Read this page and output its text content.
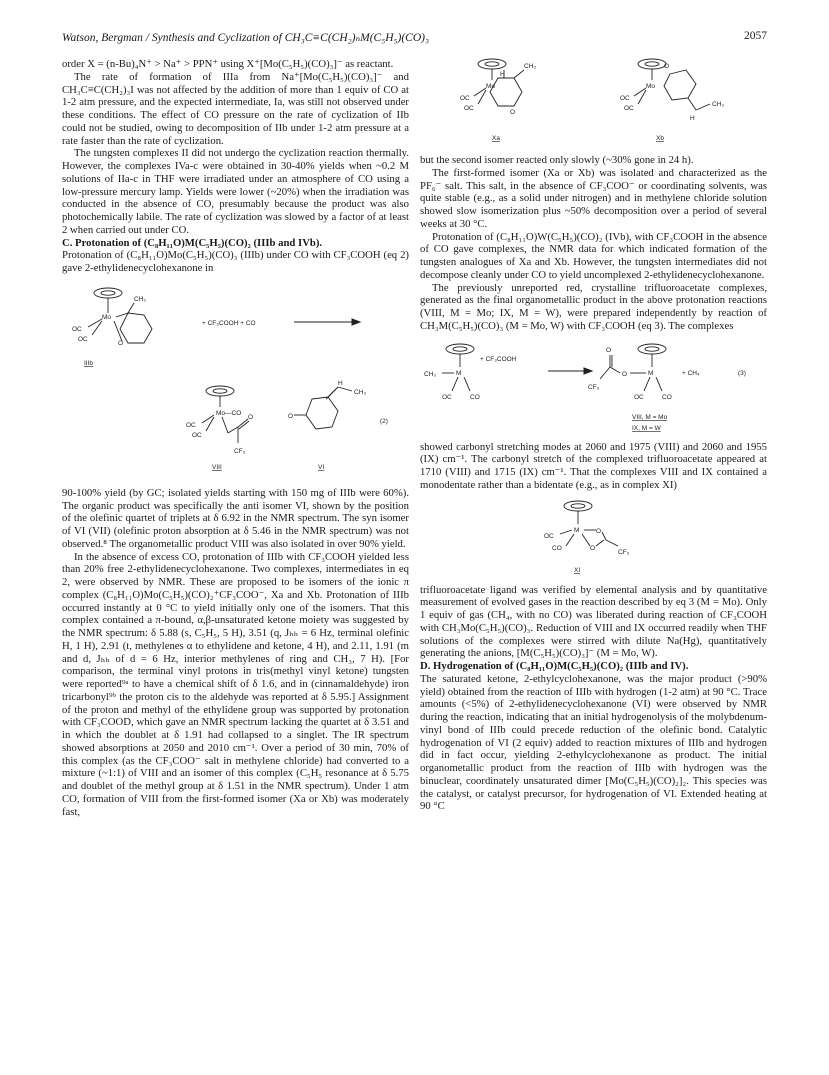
Watson, Bergman / Synthesis and Cyclization of CH₃C≡C(CH₂)ₙM(C₅H₅)(CO)₃	2057

order X = (n-Bu)₄N⁺ > Na⁺ > PPN⁺ using X⁺[Mo(C₅H₅)(CO)₃]⁻ as reactant.

The rate of formation of IIIa from Na⁺[Mo(C₅H₅)(CO)₃]⁻ and CH₃C≡C(CH₂)₃I was not affected by the addition of more than 1 equiv of CO at 1-2 atm pressure, and the expected intermediate, Ia, was still not observed under these conditions. The effect of CO pressure on the rate of cyclization of IIb could not be studied, owing to decomposition of IIb under 1-2 atm pressure at a rate faster than the rate of cyclization.

The tungsten complexes II did not undergo the cyclization reaction thermally. However, the complexes IVa-c were obtained in 30-40% yields when ~0.2 M solutions of IIa-c in THF were irradiated under an atmosphere of CO using a low-pressure mercury lamp. Yields were lower (~20%) when the irradiation was conducted in the absence of CO, presumably because the product was also photochemically labile. The rate of cyclization was slowed by a factor of at least 2 when carried out under CO.

C. Protonation of (C₈H₁₁O)M(C₅H₅)(CO)₂ (IIIb and IVb).

Protonation of (C₈H₁₁O)Mo(C₅H₅)(CO)₃ (IIIb) under CO with CF₃COOH (eq 2) gave 2-ethylidenecyclohexanone in

CH₃
Mo
OC
OC
O
+ CF₃COOH + CO
IIIb
Mo—CO
OC
OC
O
CF₃
O
H
CH₃
(2)
VIII	VI

90-100% yield (by GC; isolated yields starting with 150 mg of IIIb were 60%). The organic product was specifically the anti isomer VI, shown by the position of the olefinic quartet of triplets at δ 6.92 in the NMR spectrum. The syn isomer of VI (VII) (olefinic proton absorption at δ 5.46 in the NMR spectrum) was not observed.⁸ The organometallic product VIII was also isolated in over 90% yield.

In the absence of excess CO, protonation of IIIb with CF₃COOH yielded less than 20% free 2-ethylidenecyclohexanone. Two complexes, intermediates in eq 2, were observed by NMR. These are proposed to be isomers of the ionic π complex (C₈H₁₁O)Mo(C₅H₅)(CO)₂⁺CF₃COO⁻, Xa and Xb. Protonation of IIIb occurred instantly at 0 °C to yield initially only one of the isomers. That this complex contained a π-bound, α,β-unsaturated ketone moiety was suggested by the NMR spectrum: δ 5.88 (s, C₅H₅, 5 H), 3.51 (q, Jₕₕ = 6 Hz, terminal olefinic H, 1 H), 2.91 (t, methylenes α to ethylidene and ketone, 4 H), and 2.11, 1.91 (m and d, Jₕₕ of d = 6 Hz, interior methylenes of ring and CH₃, 7 H). [For comparison, the terminal vinyl protons in tris(methyl vinyl ketone) tungsten were reported⁹ᵃ to have a chemical shift of δ 1.6, and in (cinnamaldehyde) iron tricarbonyl⁹ᵇ the proton cis to the aldehyde was reported at δ 5.95.] Assignment of the proton and methyl of the ethylidene group was supported by protonation with CF₃COOD, which gave an NMR spectrum lacking the quartet at δ 3.51 and in which the doublet at δ 1.91 had collapsed to a singlet. The IR spectrum showed absorptions at 2050 and 2010 cm⁻¹. Over a period of 30 min, 70% of this complex (as the CF₃COO⁻ salt in methylene chloride) had converted to a mixture (~1:1) of VIII and an isomer of this complex (C₅H₅ resonance at δ 5.75 and doublet of the methyl group at δ 1.51 in the NMR spectrum). Under 1 atm CO, formation of VIII from the first-formed isomer (Xa or Xb) was moderately fast,

H
CH₃
Mo
OC
OC
O
Mo
OC
OC
O
CH₃
H
Xa	Xb

but the second isomer reacted only slowly (~30% gone in 24 h).

The first-formed isomer (Xa or Xb) was isolated and characterized as the PF₆⁻ salt. This salt, in the absence of CF₃COO⁻ or coordinating solvents, was quite stable (e.g., as a solid under nitrogen) and in methylene chloride solution showed slow isomerization plus ~50% decomposition over a period of several weeks at 30 °C.

Protonation of (C₈H₁₁O)W(C₅H₅)(CO)₂ (IVb), with CF₃COOH in the absence of CO gave complexes, the NMR data for which indicated formation of the tungsten analogues of Xa and Xb. However, the tungsten intermediates did not decompose cleanly under CO to yield uncomplexed 2-ethylidenecyclohexanone.

The previously unreported red, crystalline trifluoroacetate complexes, generated as the final organometallic product in the above protonation reactions (VIII, M = Mo; IX, M = W), were prepared independently by reaction of CH₃M(C₅H₅)(CO)₃ (M = Mo, W) with CF₃COOH (eq 3). The complexes

CH₃	M
OC	CO
+ CF₃COOH
O
O
CF₃
M
OC	CO
+ CH₄	(3)
VIII, M = Mo
IX, M = W

showed carbonyl stretching modes at 2060 and 1975 (VIII) and 2060 and 1955 (IX) cm⁻¹. The carbonyl stretch of the complexed trifluoroacetate appeared at 1710 (VIII) and 1715 (IX) cm⁻¹. That the complexes VIII and IX contained a monodentate rather than a bidentate (e.g., as in complex XI)

M
OC
CO
O
O
CF₃
XI

trifluoroacetate ligand was verified by elemental analysis and by quantitative measurement of evolved gases in the reaction described by eq 3 (M = Mo). Only 1 equiv of gas (CH₄, with no CO) was liberated during reaction of CF₃COOH with CH₃Mo(C₅H₅)(CO)₃. Reduction of VIII and IX occurred readily when THF solutions of the complexes were stirred with dilute Na(Hg), quantitatively generating the anions, [M(C₅H₅)(CO)₃]⁻ (M = Mo, W).

D. Hydrogenation of (C₈H₁₁O)M(C₅H₅)(CO)₂ (IIIb and IV).

The saturated ketone, 2-ethylcyclohexanone, was the major product (>90% yield) obtained from the reaction of IIIb with hydrogen (1-2 atm) at 90 °C. Trace amounts (<5%) of 2-ethylidenecyclohexanone (VI) were observed by NMR during the reaction, indicating that an initial hydrogenolysis of the molybdenum-vinyl bond of IIIb could precede reduction of the olefinic bond. Catalytic hydrogenation of VI (2 equiv) added to reaction mixtures of IIIb and hydrogen did in fact occur, yielding 2-ethylcyclohexanone as product. The initial organometallic product from the reaction of IIIb with hydrogen was the binuclear, coordinately unsaturated dimer [Mo(C₅H₅)(CO)₂]₂. This species was the catalyst, or catalyst precursor, for hydrogenation of VI. Extended heating at 90 °C
